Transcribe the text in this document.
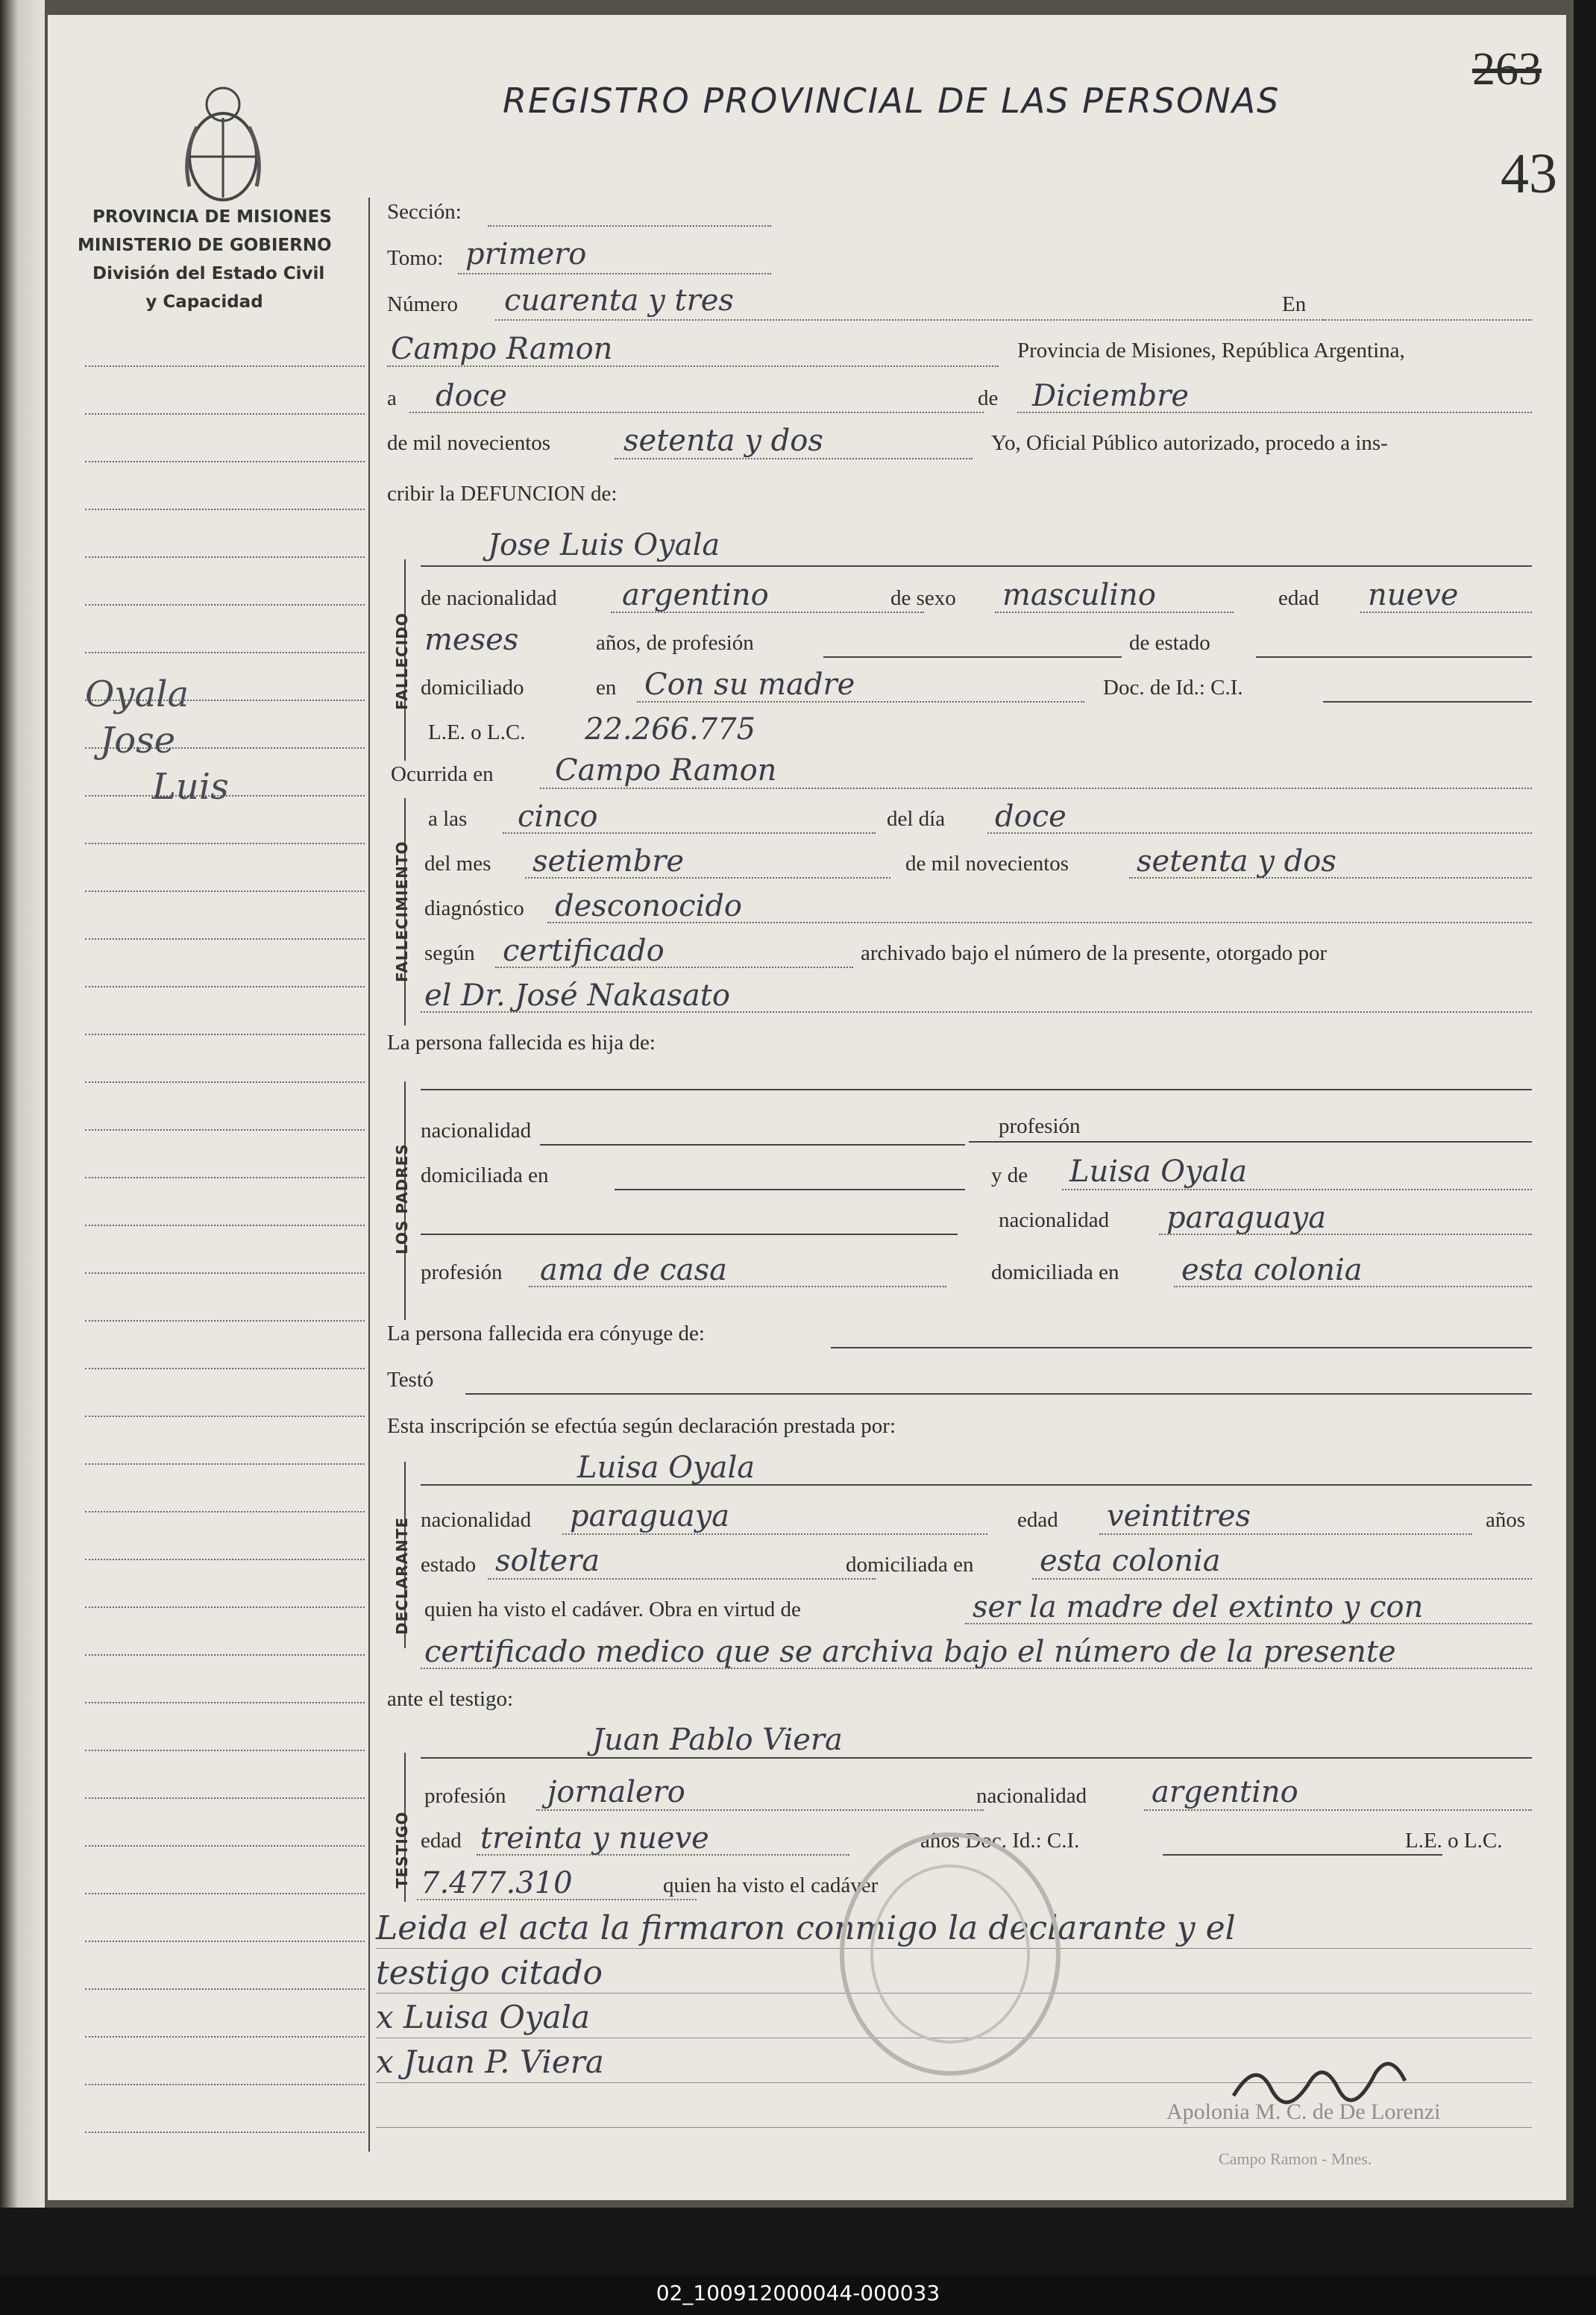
REGISTRO PROVINCIAL DE LAS PERSONAS
263
43
PROVINCIA DE MISIONES
MINISTERIO DE GOBIERNO
División del Estado Civil
y Capacidad
Oyala
Jose
Luis
FALLECIDO
FALLECIMIENTO
LOS PADRES
DECLARANTE
TESTIGO
Sección:
Tomo: primero
Número cuarenta y tres	En
Campo Ramon	Provincia de Misiones, República Argentina,
a doce	de Diciembre
de mil novecientos setenta y dos	Yo, Oficial Público autorizado, procedo a ins-
cribir la DEFUNCION de:
Jose Luis Oyala
de nacionalidad argentino	de sexo masculino	edad nueve
meses	años, de profesión	de estado
domiciliado	en Con su madre	Doc. de Id.: C.I.
L.E. o L.C. 22.266.775
Ocurrida en Campo Ramon
a las cinco	del día doce
del mes setiembre	de mil novecientos setenta y dos
diagnóstico desconocido
según certificado	archivado bajo el número de la presente, otorgado por
el Dr. José Nakasato
La persona fallecida es hija de:
nacionalidad	profesión
domiciliada en	y de Luisa Oyala
nacionalidad paraguaya
profesión ama de casa	domiciliada en esta colonia
La persona fallecida era cónyuge de:
Testó
Esta inscripción se efectúa según declaración prestada por:
Luisa Oyala
nacionalidad paraguaya	edad veintitres	años
estado soltera	domiciliada en esta colonia
quien ha visto el cadáver. Obra en virtud de	ser la madre del extinto y con
certificado medico que se archiva bajo el número de la presente
ante el testigo:
Juan Pablo Viera
profesión jornalero	nacionalidad argentino
edad treinta y nueve	años Doc. Id.: C.I.	L.E. o L.C.
7.477.310	quien ha visto el cadáver
Leida el acta la firmaron conmigo la declarante y el
testigo citado
x Luisa Oyala
x Juan P. Viera
Apolonia M. C. de De Lorenzi
Campo Ramon - Mnes.
02_100912000044-000033
